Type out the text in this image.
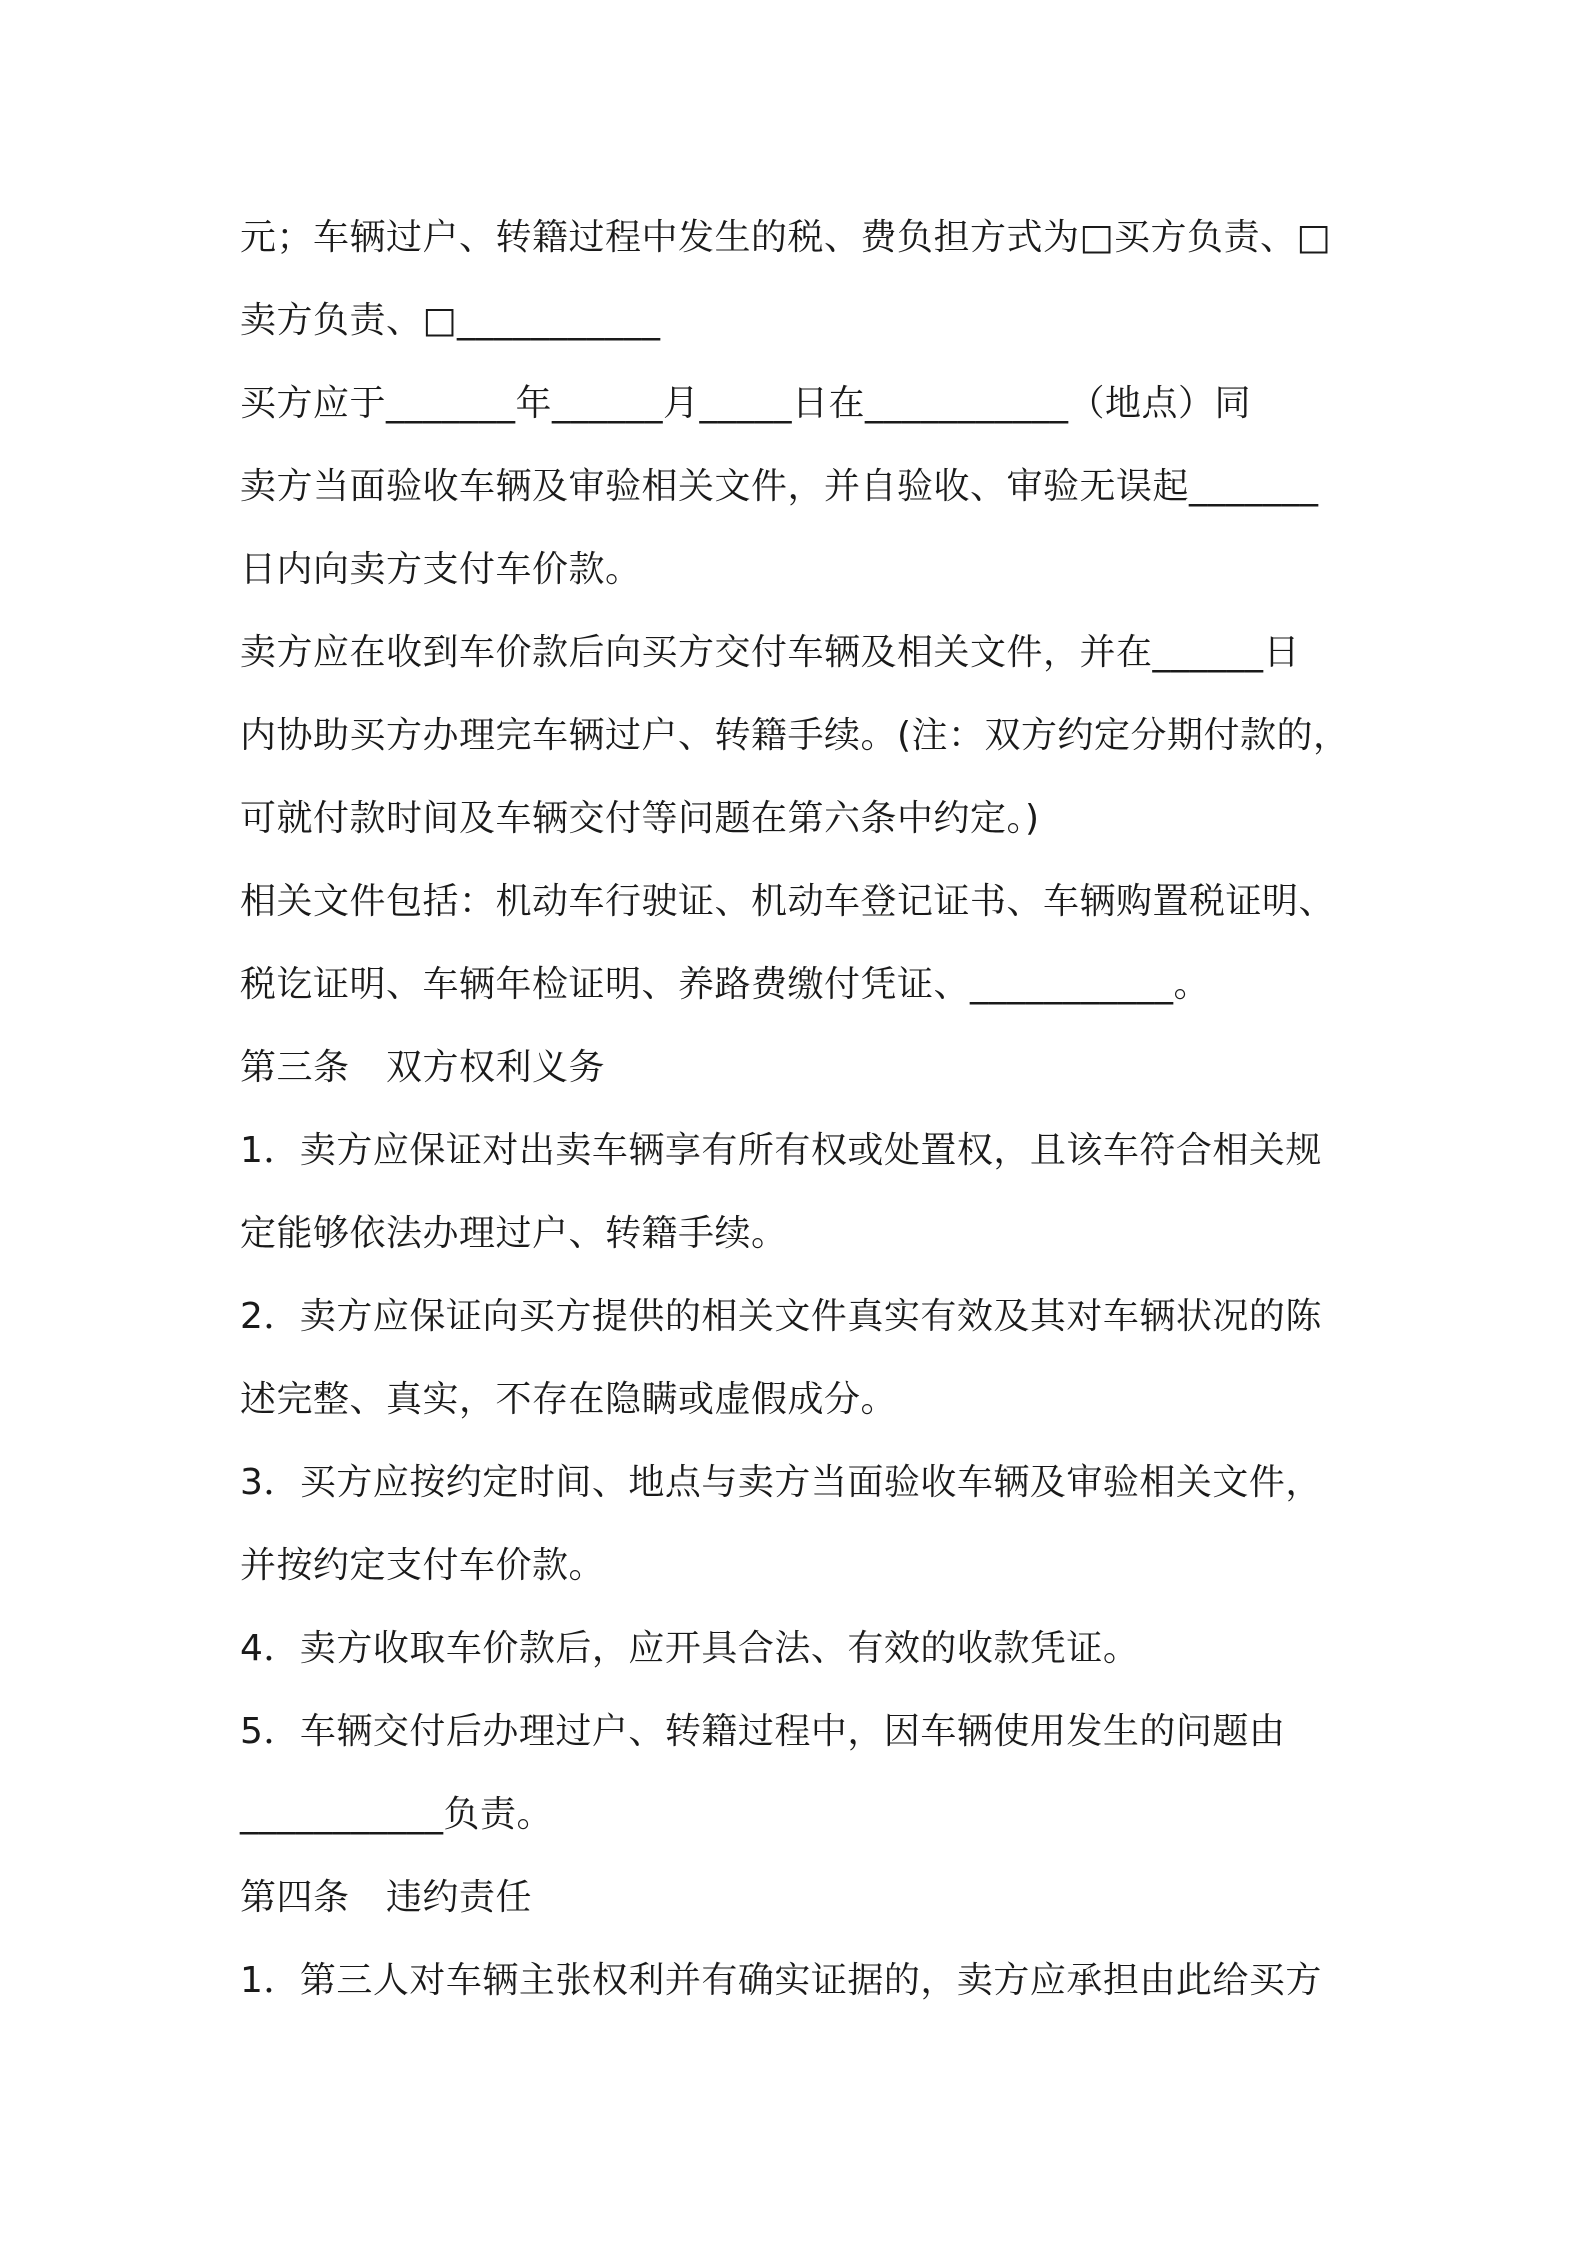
元；车辆过户、转籍过程中发生的税、费负担方式为□买方负责、□

卖方负责、□___________

买方应于_______年______月_____日在___________（地点）同

卖方当面验收车辆及审验相关文件，并自验收、审验无误起_______

日内向卖方支付车价款。

卖方应在收到车价款后向买方交付车辆及相关文件，并在______日

内协助买方办理完车辆过户、转籍手续。(注：双方约定分期付款的，

可就付款时间及车辆交付等问题在第六条中约定。)

相关文件包括：机动车行驶证、机动车登记证书、车辆购置税证明、

税讫证明、车辆年检证明、养路费缴付凭证、___________。

第三条　双方权利义务

1．卖方应保证对出卖车辆享有所有权或处置权，且该车符合相关规

定能够依法办理过户、转籍手续。

2．卖方应保证向买方提供的相关文件真实有效及其对车辆状况的陈

述完整、真实，不存在隐瞒或虚假成分。

3．买方应按约定时间、地点与卖方当面验收车辆及审验相关文件，

并按约定支付车价款。

4．卖方收取车价款后，应开具合法、有效的收款凭证。

5．车辆交付后办理过户、转籍过程中，因车辆使用发生的问题由

___________负责。

第四条　违约责任

1．第三人对车辆主张权利并有确实证据的，卖方应承担由此给买方
